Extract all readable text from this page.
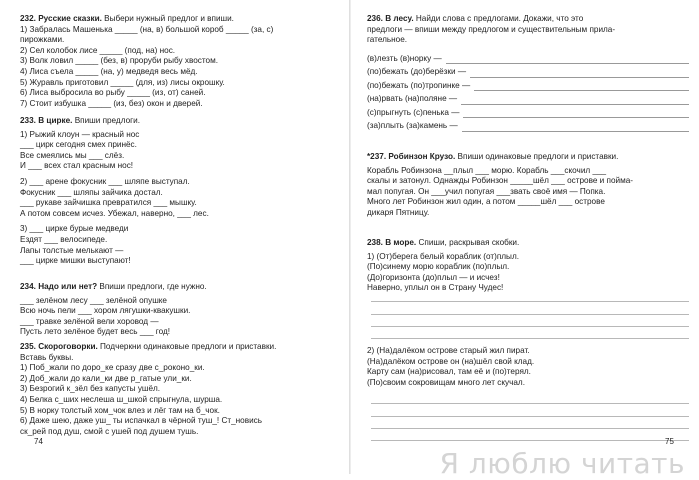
232. Русские сказки. Выбери нужный предлог и впиши.
1) Забралась Машенька _____ (на, в) большой короб _____ (за, с)
пирожками.
2) Сел колобок лисе _____ (под, на) нос.
3) Волк ловил _____ (без, в) проруби рыбу хвостом.
4) Лиса съела _____ (на, у) медведя весь мёд.
5) Журавль приготовил _____ (для, из) лисы окрошку.
6) Лиса выбросила во рыбу _____ (из, от) саней.
7) Стоит избушка _____ (из, без) окон и дверей.
233. В цирке. Впиши предлоги.
1) Рыжий клоун — красный нос
___ цирк сегодня смех принёс.
Все смеялись мы ___ слёз.
И ___ всех стал красным нос!
2) ___ арене фокусник ___ шляпе выступал.
Фокусник ___ шляпы зайчика достал.
___ рукаве зайчишка превратился ___ мышку.
А потом совсем исчез. Убежал, наверно, ___ лес.
3) ___ цирке бурые медведи
Ездят ___ велосипеде.
Лапы толстые мелькают —
___ цирке мишки выступают!
234. Надо или нет? Впиши предлоги, где нужно.
___ зелёном лесу ___ зелёной опушке
Всю ночь пели ___ хором лягушки-квакушки.
___ травке зелёной вели хоровод —
Пусть лето зелёное будет весь ___ год!
235. Скороговорки. Подчеркни одинаковые предлоги и приставки.
Вставь буквы.
1) Поб_жали по доро_ке сразу две с_роконо_ки.
2) Доб_жали до кали_ки две р_гатые ули_ки.
3) Безрогий к_зёл без капусты ушёл.
4) Белка с_ших неслеша ш_шкой спрыгнула, шурша.
5) В норку толстый хом_чок влез и лёг там на б_чок.
6) Даже шею, даже уш_ ты испачкал в чёрной туш_! Ст_новись
ск_рей под душ, смой с ушей под душем тушь.
74
236. В лесу. Найди слова с предлогами. Докажи, что это
предлоги — впиши между предлогом и существительным прила-
гательное.
(в)лезть (в)норку —
(по)бежать (до)берёзки —
(по)бежать (по)тропинке —
(на)рвать (на)поляне —
(с)прыгнуть (с)пенька —
(за)плыть (за)камень —
*237. Робинзон Крузо. Впиши одинаковые предлоги и приставки.
Корабль Робинзона __плыл ___ морю. Корабль ___скочил ___
скалы и затонул. Однажды Робинзон _____шёл ___ острове и пойма-
мал попугая. Он ___учил попугая ___звать своё имя — Попка.
Много лет Робинзон жил один, а потом _____шёл ___ острове
дикаря Пятницу.
238. В море. Спиши, раскрывая скобки.
1) (От)берега белый кораблик (от)плыл.
(По)синему морю кораблик (по)плыл.
(До)горизонта (до)плыл — и исчез!
Наверно, уплыл он в Страну Чудес!
2) (На)далёком острове старый жил пират.
(На)далёком острове он (на)шёл свой клад.
Карту сам (на)рисовал, там её и (по)терял.
(По)своим сокровищам много лет скучал.
75
Я люблю читать
